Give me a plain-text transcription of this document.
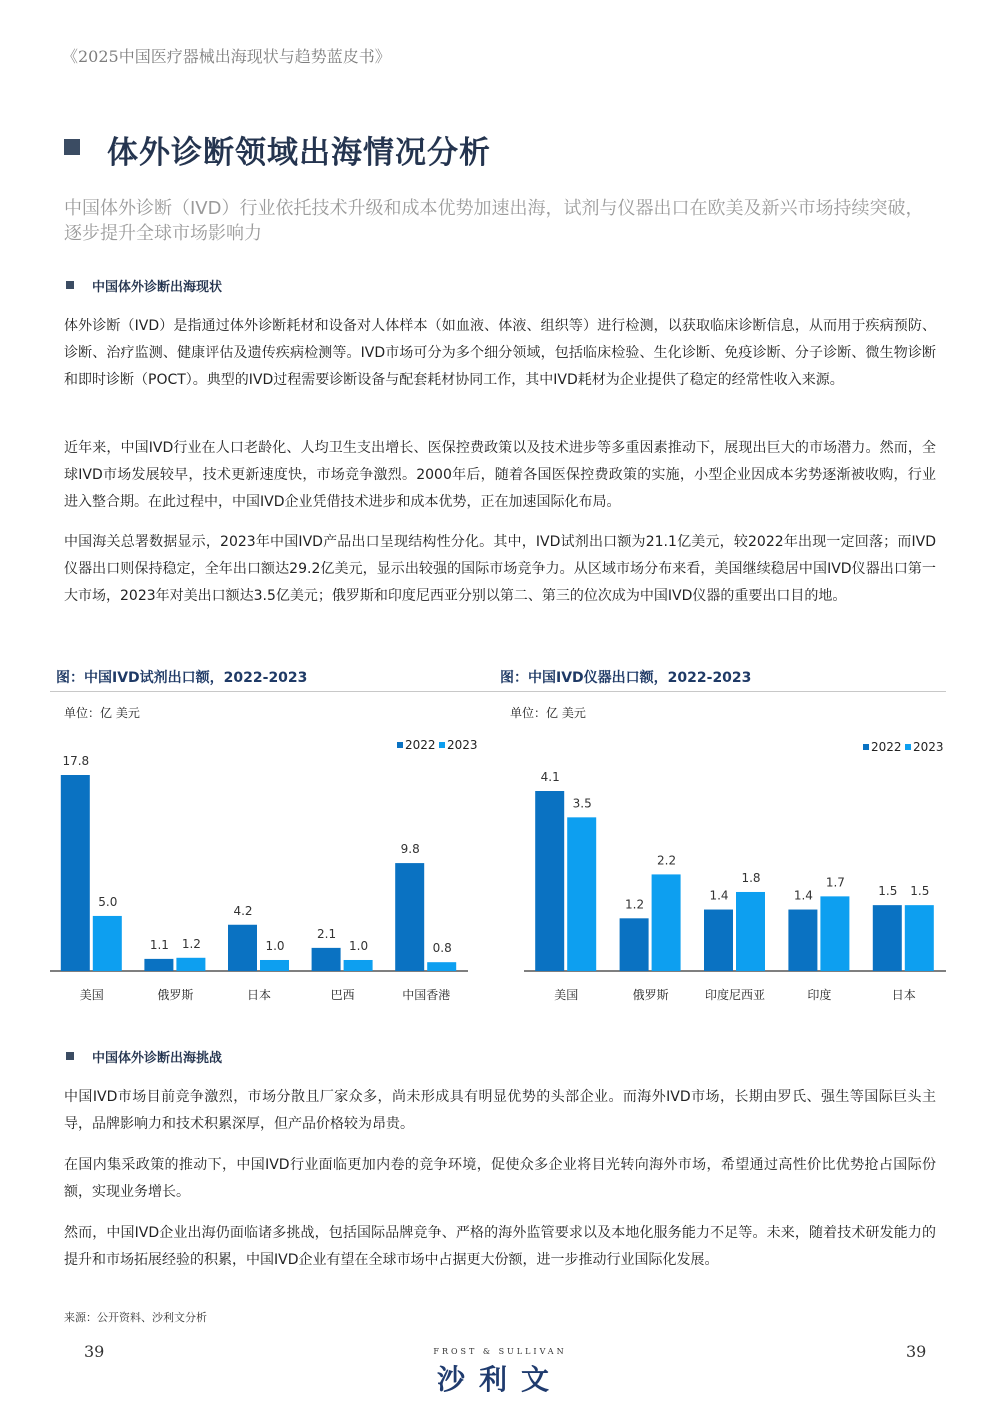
《2025中国医疗器械出海现状与趋势蓝皮书》
体外诊断领域出海情况分析
中国体外诊断（IVD）行业依托技术升级和成本优势加速出海，试剂与仪器出口在欧美及新兴市场持续突破，逐步提升全球市场影响力
中国体外诊断出海现状
体外诊断（IVD）是指通过体外诊断耗材和设备对人体样本（如血液、体液、组织等）进行检测，以获取临床诊断信息，从而用于疾病预防、诊断、治疗监测、健康评估及遗传疾病检测等。IVD市场可分为多个细分领域，包括临床检验、生化诊断、免疫诊断、分子诊断、微生物诊断和即时诊断（POCT）。典型的IVD过程需要诊断设备与配套耗材协同工作，其中IVD耗材为企业提供了稳定的经常性收入来源。
近年来，中国IVD行业在人口老龄化、人均卫生支出增长、医保控费政策以及技术进步等多重因素推动下，展现出巨大的市场潜力。然而，全球IVD市场发展较早，技术更新速度快，市场竞争激烈。2000年后，随着各国医保控费政策的实施，小型企业因成本劣势逐渐被收购，行业进入整合期。在此过程中，中国IVD企业凭借技术进步和成本优势，正在加速国际化布局。
中国海关总署数据显示，2023年中国IVD产品出口呈现结构性分化。其中，IVD试剂出口额为21.1亿美元，较2022年出现一定回落；而IVD仪器出口则保持稳定，全年出口额达29.2亿美元，显示出较强的国际市场竞争力。从区域市场分布来看，美国继续稳居中国IVD仪器出口第一大市场，2023年对美出口额达3.5亿美元；俄罗斯和印度尼西亚分别以第二、第三的位次成为中国IVD仪器的重要出口目的地。
图：中国IVD试剂出口额，2022-2023
单位：亿 美元
17.8
5.0
美国
1.1 1.2
俄罗斯
4.2
1.0
日本
2.1
1.0
巴西
9.8
0.8
中国香港
2022 2023
图：中国IVD仪器出口额，2022-2023
单位：亿 美元
4.1
3.5
美国
1.2
2.2
俄罗斯
1.4
1.8
印度尼西亚
1.4
1.7
印度
1.5 1.5
日本
2022 2023
中国体外诊断出海挑战
中国IVD市场目前竞争激烈，市场分散且厂家众多，尚未形成具有明显优势的头部企业。而海外IVD市场，长期由罗氏、强生等国际巨头主导，品牌影响力和技术积累深厚，但产品价格较为昂贵。
在国内集采政策的推动下，中国IVD行业面临更加内卷的竞争环境，促使众多企业将目光转向海外市场，希望通过高性价比优势抢占国际份额，实现业务增长。
然而，中国IVD企业出海仍面临诸多挑战，包括国际品牌竞争、严格的海外监管要求以及本地化服务能力不足等。未来，随着技术研发能力的提升和市场拓展经验的积累，中国IVD企业有望在全球市场中占据更大份额，进一步推动行业国际化发展。
来源：公开资料、沙利文分析
39	39
FROST & SULLIVAN
沙利文
